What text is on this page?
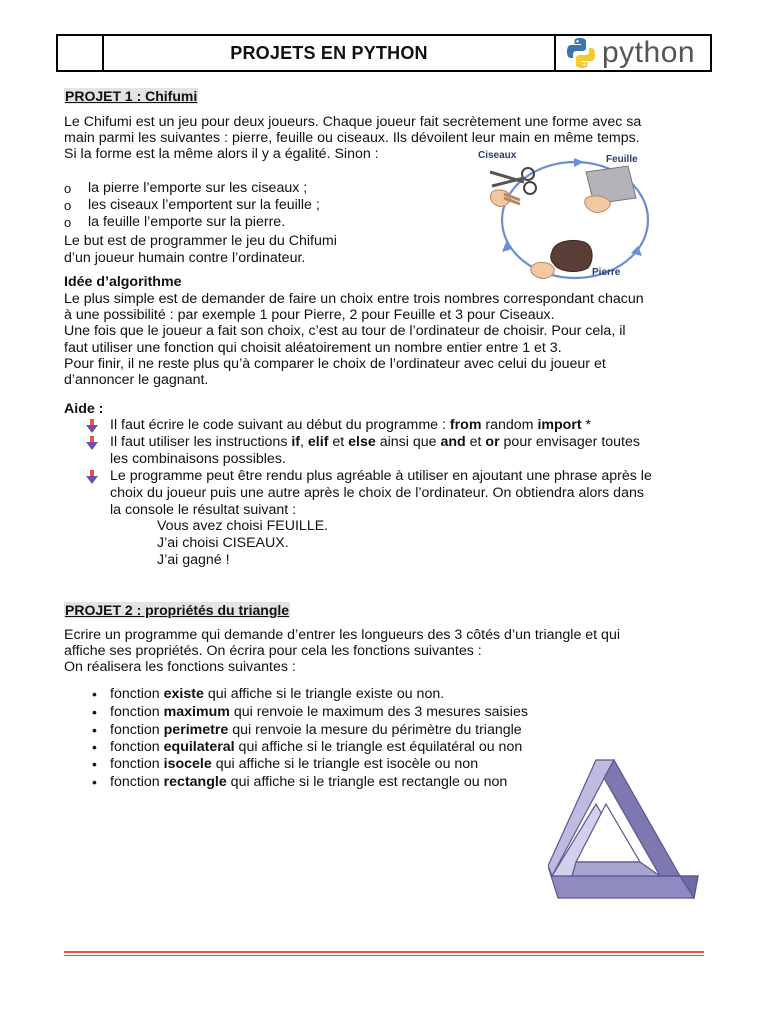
PROJETS EN PYTHON	python
PROJET 1 : Chifumi
Le Chifumi est un jeu pour deux joueurs. Chaque joueur fait secrètement une forme avec sa
main parmi les suivantes : pierre, feuille ou ciseaux. Ils dévoilent leur main en même temps.
Si la forme est la même alors il y a égalité. Sinon :
o la pierre l’emporte sur les ciseaux ;
o les ciseaux l’emportent sur la feuille ;
o la feuille l’emporte sur la pierre.
Le but est de programmer le jeu du Chifumi
d’un joueur humain contre l’ordinateur.
Ciseaux	Feuille
Pierre
Idée d’algorithme
Le plus simple est de demander de faire un choix entre trois nombres correspondant chacun
à une possibilité : par exemple 1 pour Pierre, 2 pour Feuille et 3 pour Ciseaux.
Une fois que le joueur a fait son choix, c’est au tour de l’ordinateur de choisir. Pour cela, il
faut utiliser une fonction qui choisit aléatoirement un nombre entier entre 1 et 3.
Pour finir, il ne reste plus qu’à comparer le choix de l’ordinateur avec celui du joueur et
d’annoncer le gagnant.
Aide :
Il faut écrire le code suivant au début du programme : from random import *
Il faut utiliser les instructions if, elif et else ainsi que and et or pour envisager toutes
les combinaisons possibles.
Le programme peut être rendu plus agréable à utiliser en ajoutant une phrase après le
choix du joueur puis une autre après le choix de l’ordinateur. On obtiendra alors dans
la console le résultat suivant :
Vous avez choisi FEUILLE.
J’ai choisi CISEAUX.
J’ai gagné !
PROJET 2 : propriétés du triangle
Ecrire un programme qui demande d’entrer les longueurs des 3 côtés d’un triangle et qui
affiche ses propriétés. On écrira pour cela les fonctions suivantes :
On réalisera les fonctions suivantes :
• fonction existe qui affiche si le triangle existe ou non.
• fonction maximum qui renvoie le maximum des 3 mesures saisies
• fonction perimetre qui renvoie la mesure du périmètre du triangle
• fonction equilateral qui affiche si le triangle est équilatéral ou non
• fonction isocele qui affiche si le triangle est isocèle ou non
• fonction rectangle qui affiche si le triangle est rectangle ou non
